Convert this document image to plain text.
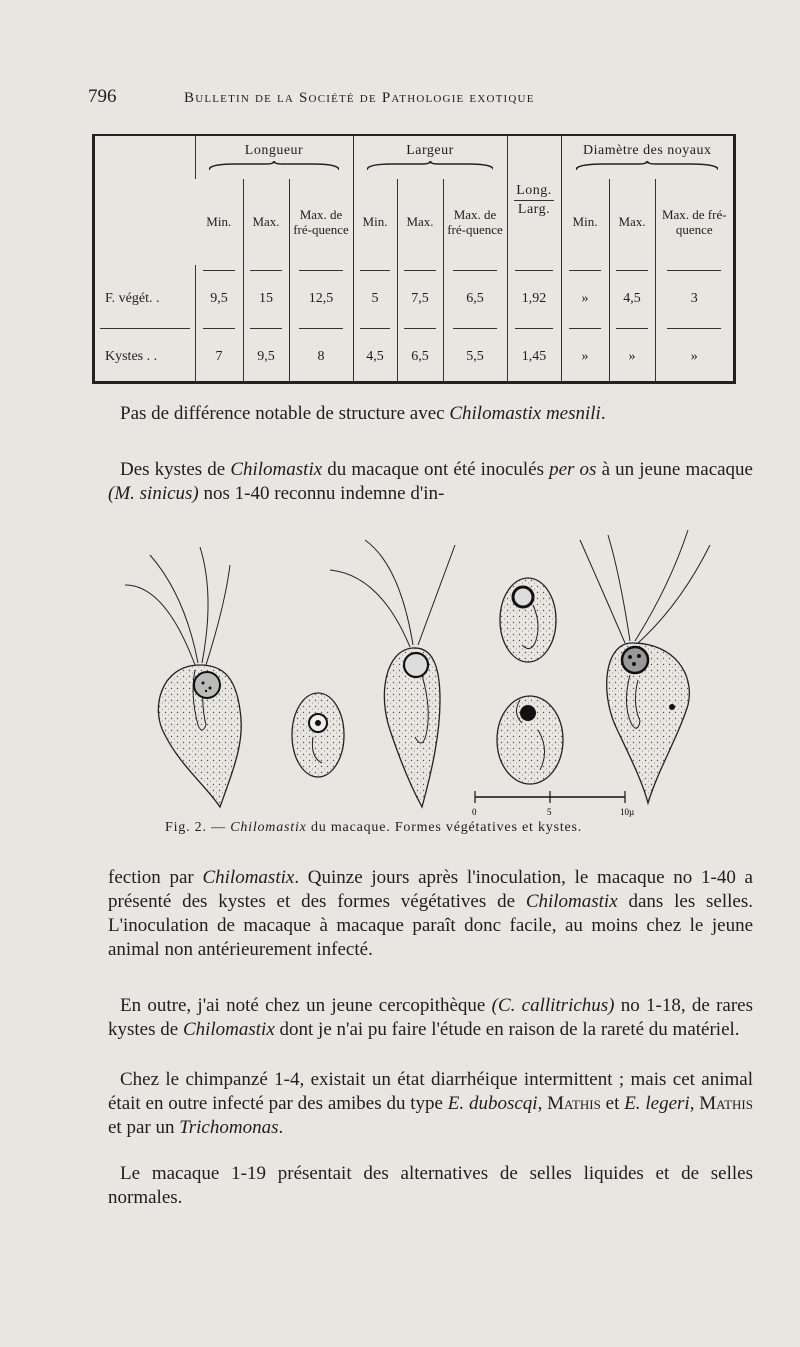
796	Bulletin de la Société de Pathologie exotique
	Longueur			Largeur			Long.
Larg.	Diamètre des noyaux		

	Min.	Max.	Max. de fré-quence	Min.	Max.	Max. de fré-quence		Min.	Max.	Max. de fré-quence

F. végét. .	9,5	15	12,5	5	7,5	6,5	1,92	»	4,5	3

Kystes . .	7	9,5	8	4,5	6,5	5,5	1,45	»	»	»

Pas de différence notable de structure avec Chilomastix mesnili.

Des kystes de Chilomastix du macaque ont été inoculés per os à un jeune macaque (M. sinicus) nos 1-40 reconnu indemne d'in-

0	5	10µ
Fig. 2. — Chilomastix du macaque. Formes végétatives et kystes.

fection par Chilomastix. Quinze jours après l'inoculation, le macaque no 1-40 a présenté des kystes et des formes végétatives de Chilomastix dans les selles. L'inoculation de macaque à macaque paraît donc facile, au moins chez le jeune animal non antérieurement infecté.

En outre, j'ai noté chez un jeune cercopithèque (C. callitrichus) no 1-18, de rares kystes de Chilomastix dont je n'ai pu faire l'étude en raison de la rareté du matériel.

Chez le chimpanzé 1-4, existait un état diarrhéique intermittent ; mais cet animal était en outre infecté par des amibes du type E. duboscqi, Mathis et E. legeri, Mathis et par un Trichomonas.

Le macaque 1-19 présentait des alternatives de selles liquides et de selles normales.
